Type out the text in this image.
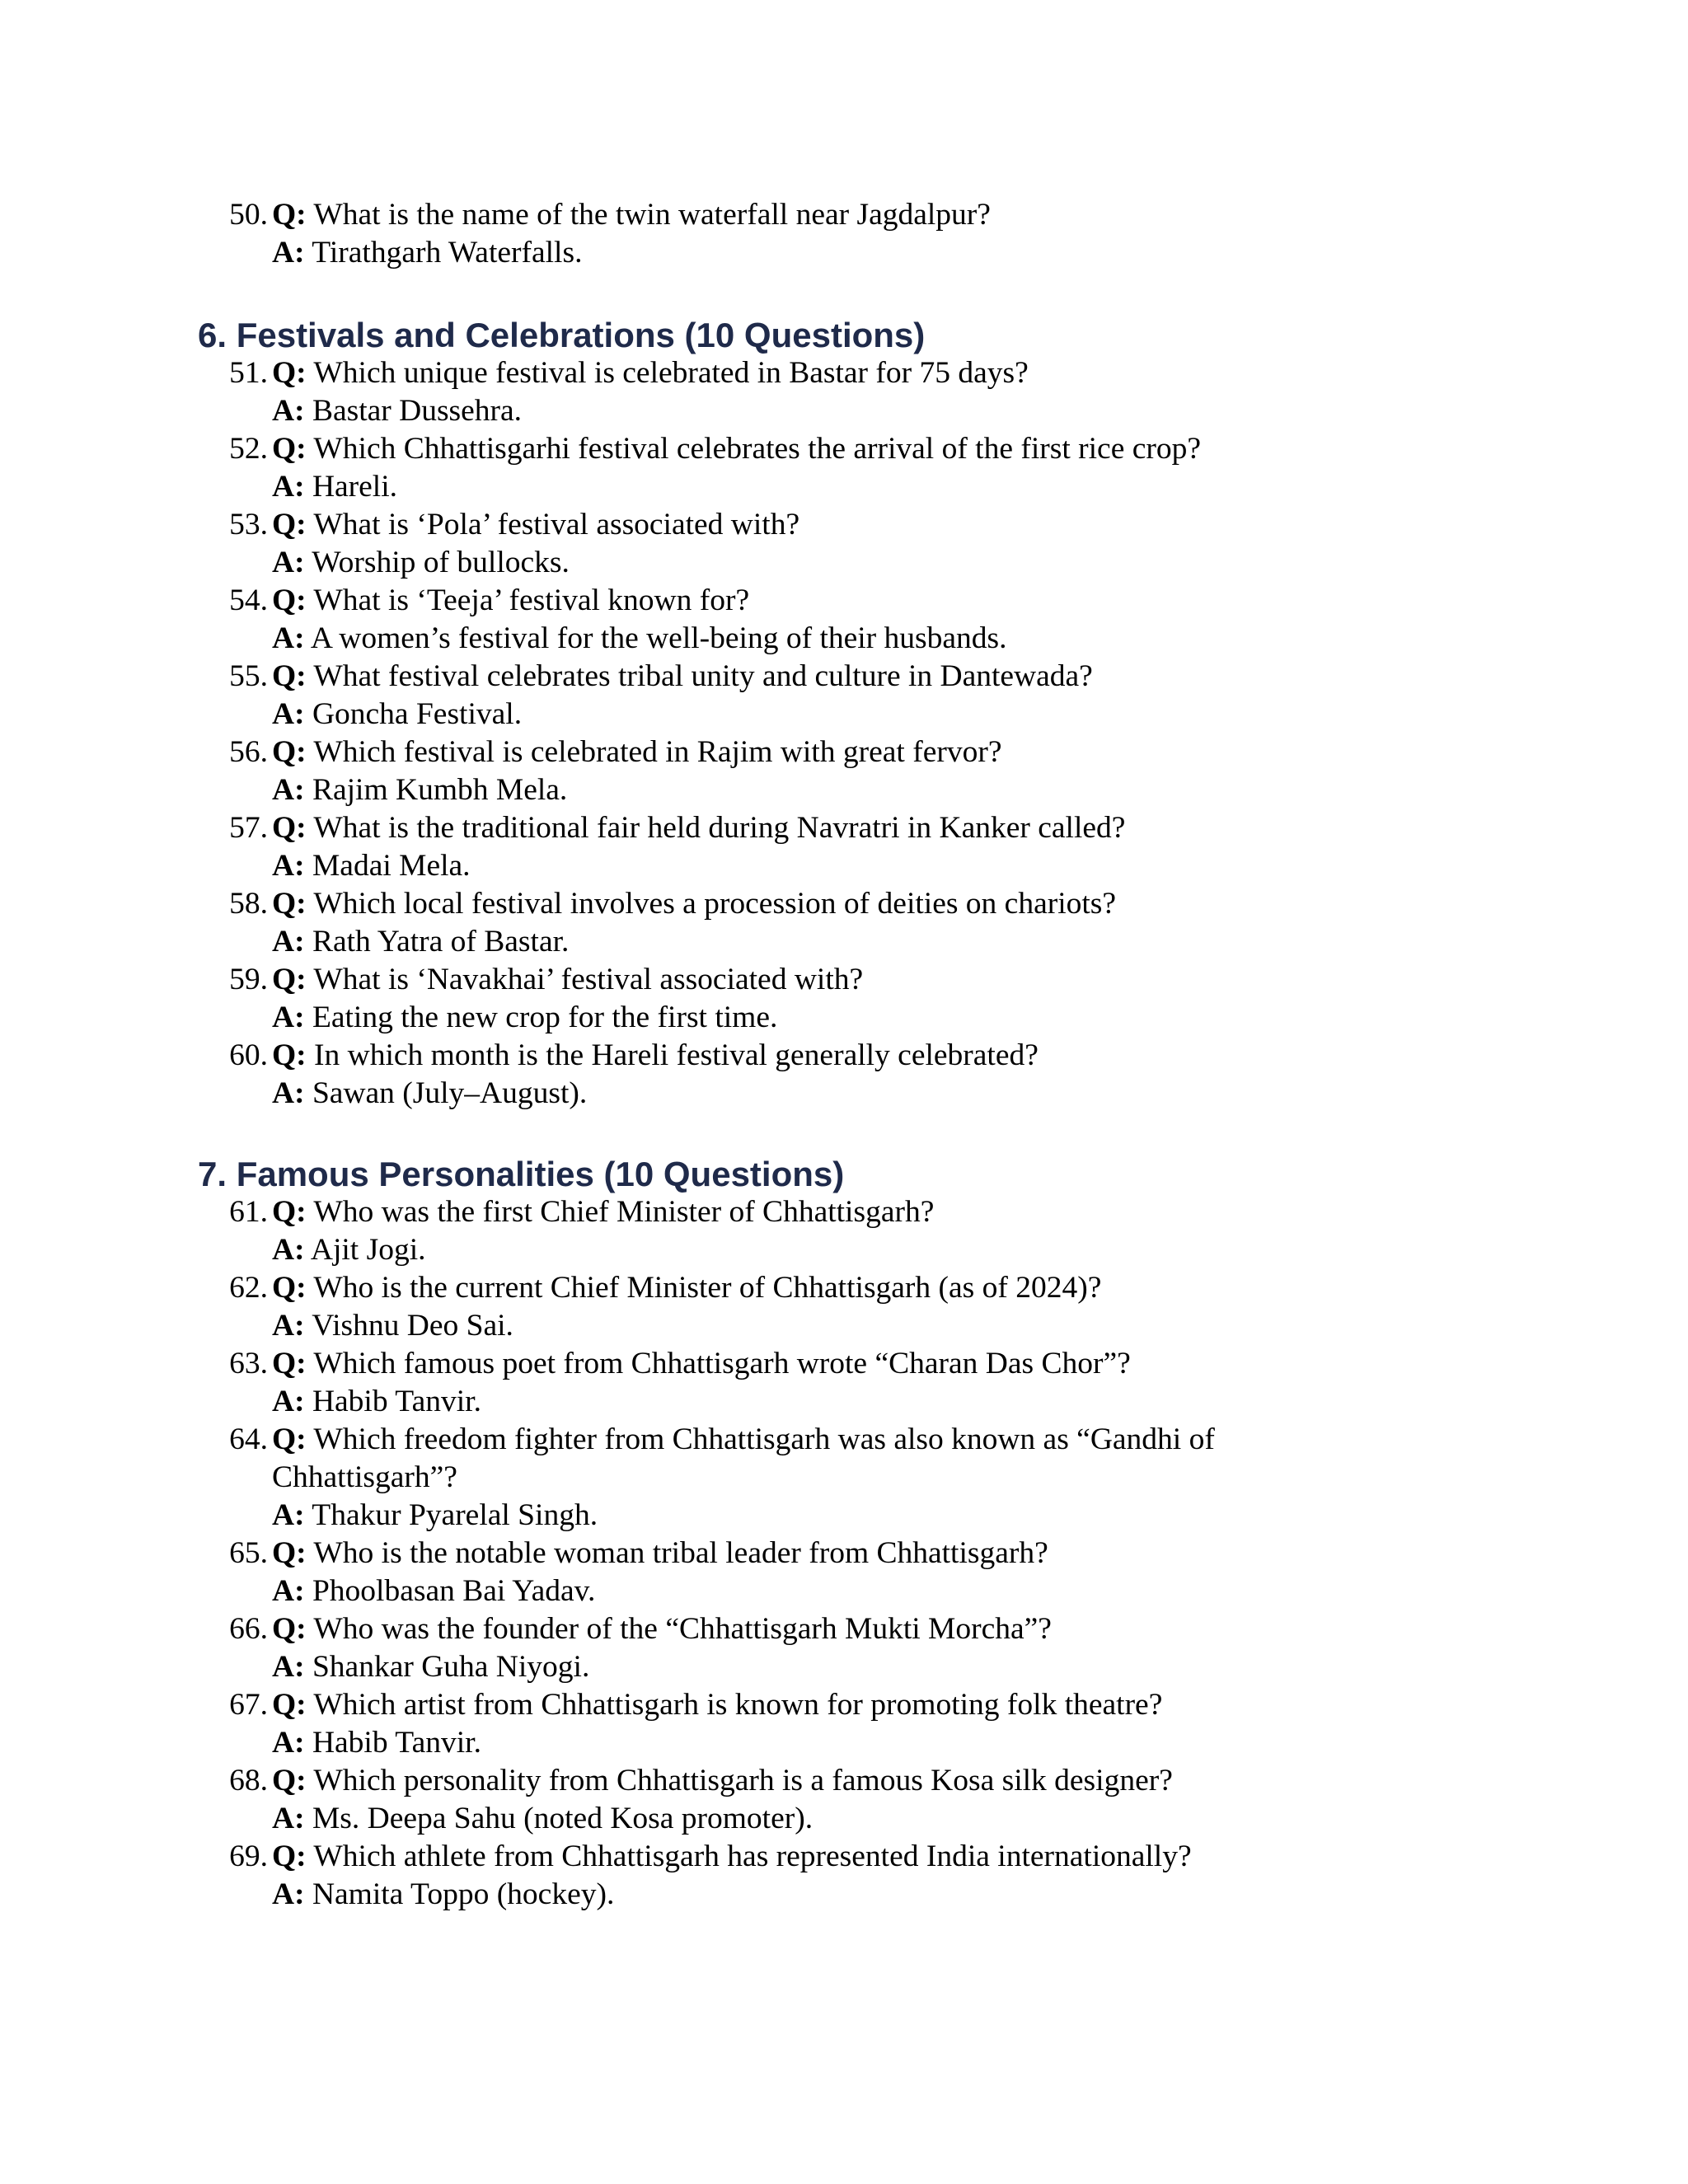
50. Q: What is the name of the twin waterfall near Jagdalpur?
A: Tirathgarh Waterfalls.
6. Festivals and Celebrations (10 Questions)
51. Q: Which unique festival is celebrated in Bastar for 75 days?
A: Bastar Dussehra.
52. Q: Which Chhattisgarhi festival celebrates the arrival of the first rice crop?
A: Hareli.
53. Q: What is ‘Pola’ festival associated with?
A: Worship of bullocks.
54. Q: What is ‘Teeja’ festival known for?
A: A women’s festival for the well-being of their husbands.
55. Q: What festival celebrates tribal unity and culture in Dantewada?
A: Goncha Festival.
56. Q: Which festival is celebrated in Rajim with great fervor?
A: Rajim Kumbh Mela.
57. Q: What is the traditional fair held during Navratri in Kanker called?
A: Madai Mela.
58. Q: Which local festival involves a procession of deities on chariots?
A: Rath Yatra of Bastar.
59. Q: What is ‘Navakhai’ festival associated with?
A: Eating the new crop for the first time.
60. Q: In which month is the Hareli festival generally celebrated?
A: Sawan (July–August).
7. Famous Personalities (10 Questions)
61. Q: Who was the first Chief Minister of Chhattisgarh?
A: Ajit Jogi.
62. Q: Who is the current Chief Minister of Chhattisgarh (as of 2024)?
A: Vishnu Deo Sai.
63. Q: Which famous poet from Chhattisgarh wrote “Charan Das Chor”?
A: Habib Tanvir.
64. Q: Which freedom fighter from Chhattisgarh was also known as “Gandhi of
Chhattisgarh”?
A: Thakur Pyarelal Singh.
65. Q: Who is the notable woman tribal leader from Chhattisgarh?
A: Phoolbasan Bai Yadav.
66. Q: Who was the founder of the “Chhattisgarh Mukti Morcha”?
A: Shankar Guha Niyogi.
67. Q: Which artist from Chhattisgarh is known for promoting folk theatre?
A: Habib Tanvir.
68. Q: Which personality from Chhattisgarh is a famous Kosa silk designer?
A: Ms. Deepa Sahu (noted Kosa promoter).
69. Q: Which athlete from Chhattisgarh has represented India internationally?
A: Namita Toppo (hockey).
